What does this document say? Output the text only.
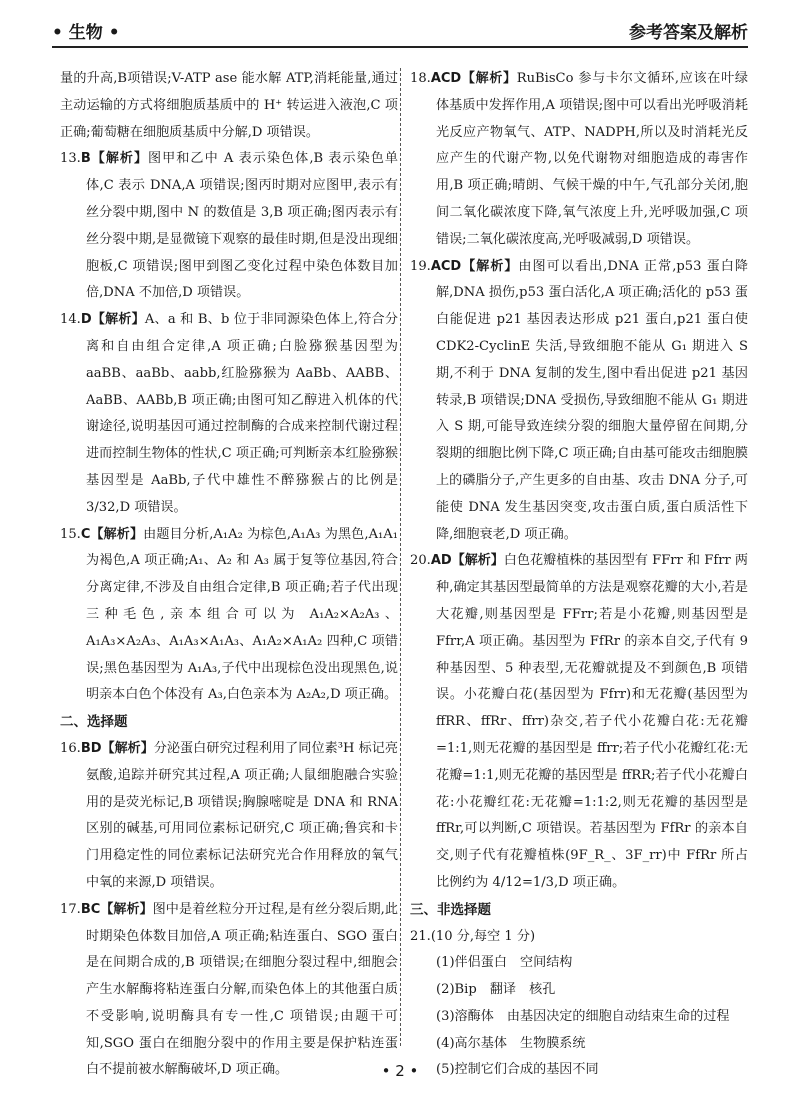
• 生物 •	参考答案及解析
量的升高,B项错误;V-ATP ase 能水解 ATP,消耗能量,通过主动运输的方式将细胞质基质中的 H⁺ 转运进入液泡,C 项正确;葡萄糖在细胞质基质中分解,D 项错误。
13.B【解析】图甲和乙中 A 表示染色体,B 表示染色单体,C 表示 DNA,A 项错误;图丙时期对应图甲,表示有丝分裂中期,图中 N 的数值是 3,B 项正确;图丙表示有丝分裂中期,是显微镜下观察的最佳时期,但是没出现细胞板,C 项错误;图甲到图乙变化过程中染色体数目加倍,DNA 不加倍,D 项错误。
14.D【解析】A、a 和 B、b 位于非同源染色体上,符合分离和自由组合定律,A 项正确;白脸猕猴基因型为 aaBB、aaBb、aabb,红脸猕猴为 AaBb、AABB、AaBB、AABb,B 项正确;由图可知乙醇进入机体的代谢途径,说明基因可通过控制酶的合成来控制代谢过程进而控制生物体的性状,C 项正确;可判断亲本红脸猕猴基因型是 AaBb,子代中雄性不醉猕猴占的比例是 3/32,D 项错误。
15.C【解析】由题目分析,A₁A₂ 为棕色,A₁A₃ 为黑色,A₁A₁ 为褐色,A 项正确;A₁、A₂ 和 A₃ 属于复等位基因,符合分离定律,不涉及自由组合定律,B 项正确;若子代出现三种毛色,亲本组合可以为 A₁A₂×A₂A₃、A₁A₃×A₂A₃、A₁A₃×A₁A₃、A₁A₂×A₁A₂ 四种,C 项错误;黑色基因型为 A₁A₃,子代中出现棕色没出现黑色,说明亲本白色个体没有 A₃,白色亲本为 A₂A₂,D 项正确。
二、选择题
16.BD【解析】分泌蛋白研究过程利用了同位素³H 标记亮氨酸,追踪并研究其过程,A 项正确;人鼠细胞融合实验用的是荧光标记,B 项错误;胸腺嘧啶是 DNA 和 RNA 区别的碱基,可用同位素标记研究,C 项正确;鲁宾和卡门用稳定性的同位素标记法研究光合作用释放的氧气中氧的来源,D 项错误。
17.BC【解析】图中是着丝粒分开过程,是有丝分裂后期,此时期染色体数目加倍,A 项正确;粘连蛋白、SGO 蛋白是在间期合成的,B 项错误;在细胞分裂过程中,细胞会产生水解酶将粘连蛋白分解,而染色体上的其他蛋白质不受影响,说明酶具有专一性,C 项错误;由题干可知,SGO 蛋白在细胞分裂中的作用主要是保护粘连蛋白不提前被水解酶破坏,D 项正确。
18.ACD【解析】RuBisCo 参与卡尔文循环,应该在叶绿体基质中发挥作用,A 项错误;图中可以看出光呼吸消耗光反应产物氧气、ATP、NADPH,所以及时消耗光反应产生的代谢产物,以免代谢物对细胞造成的毒害作用,B 项正确;晴朗、气候干燥的中午,气孔部分关闭,胞间二氧化碳浓度下降,氧气浓度上升,光呼吸加强,C 项错误;二氧化碳浓度高,光呼吸减弱,D 项错误。
19.ACD【解析】由图可以看出,DNA 正常,p53 蛋白降解,DNA 损伤,p53 蛋白活化,A 项正确;活化的 p53 蛋白能促进 p21 基因表达形成 p21 蛋白,p21 蛋白使 CDK2-CyclinE 失活,导致细胞不能从 G₁ 期进入 S 期,不利于 DNA 复制的发生,图中看出促进 p21 基因转录,B 项错误;DNA 受损伤,导致细胞不能从 G₁ 期进入 S 期,可能导致连续分裂的细胞大量停留在间期,分裂期的细胞比例下降,C 项正确;自由基可能攻击细胞膜上的磷脂分子,产生更多的自由基、攻击 DNA 分子,可能使 DNA 发生基因突变,攻击蛋白质,蛋白质活性下降,细胞衰老,D 项正确。
20.AD【解析】白色花瓣植株的基因型有 FFrr 和 Ffrr 两种,确定其基因型最简单的方法是观察花瓣的大小,若是大花瓣,则基因型是 FFrr;若是小花瓣,则基因型是 Ffrr,A 项正确。基因型为 FfRr 的亲本自交,子代有 9 种基因型、5 种表型,无花瓣就提及不到颜色,B 项错误。小花瓣白花(基因型为 Ffrr)和无花瓣(基因型为 ffRR、ffRr、ffrr)杂交,若子代小花瓣白花:无花瓣=1:1,则无花瓣的基因型是 ffrr;若子代小花瓣红花:无花瓣=1:1,则无花瓣的基因型是 ffRR;若子代小花瓣白花:小花瓣红花:无花瓣=1:1:2,则无花瓣的基因型是 ffRr,可以判断,C 项错误。若基因型为 FfRr 的亲本自交,则子代有花瓣植株(9F_R_、3F_rr)中 FfRr 所占比例约为 4/12=1/3,D 项正确。
三、非选择题
21.(10 分,每空 1 分)
(1)伴侣蛋白　空间结构
(2)Bip　翻译　核孔
(3)溶酶体　由基因决定的细胞自动结束生命的过程
(4)高尔基体　生物膜系统
(5)控制它们合成的基因不同
• 2 •
